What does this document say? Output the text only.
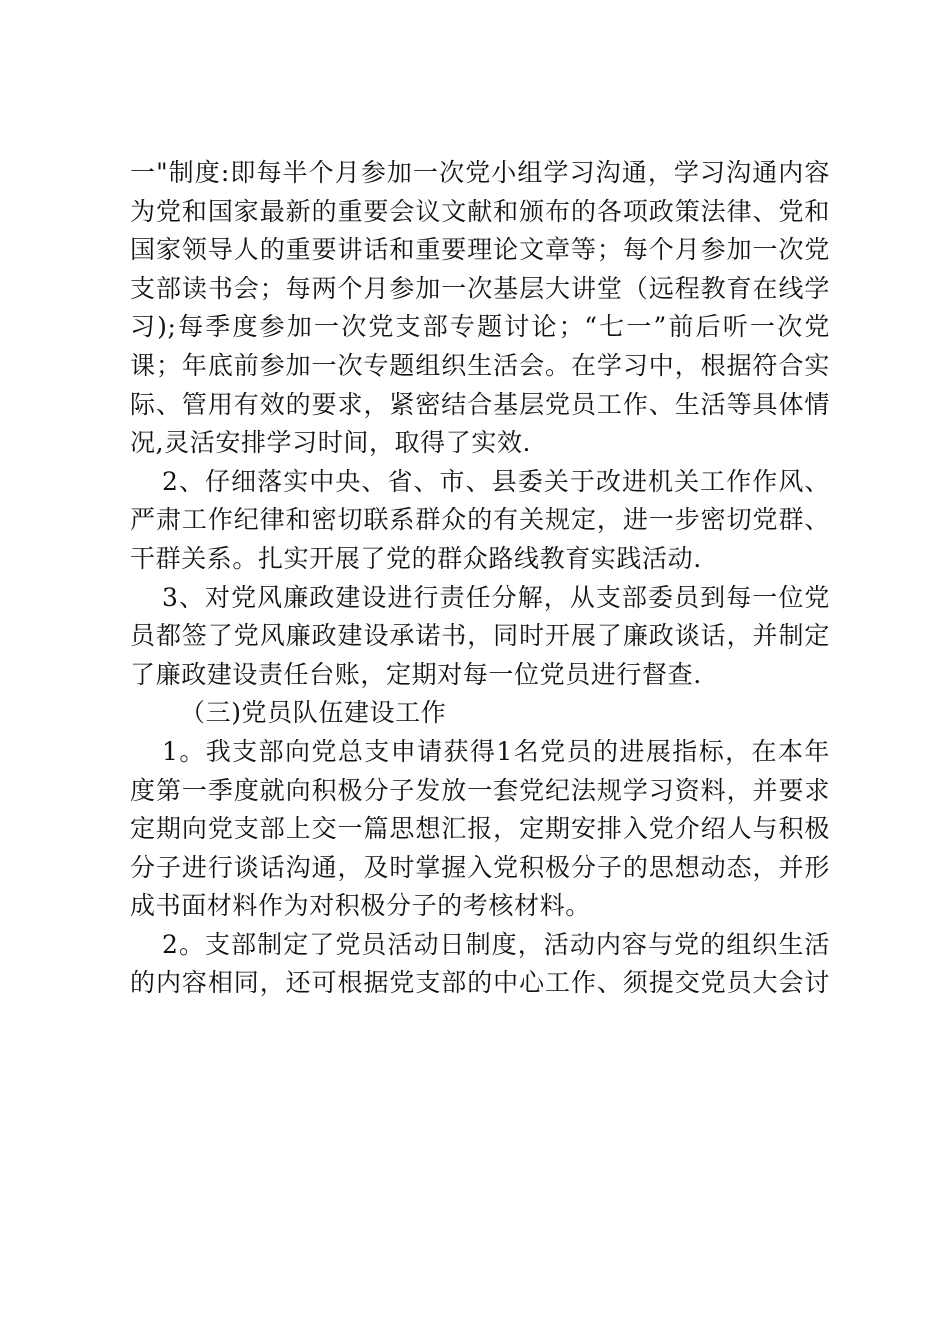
一"制度:即每半个月参加一次党小组学习沟通，学习沟通内容
为党和国家最新的重要会议文献和颁布的各项政策法律、党和
国家领导人的重要讲话和重要理论文章等；每个月参加一次党
支部读书会；每两个月参加一次基层大讲堂（远程教育在线学
习);每季度参加一次党支部专题讨论；“七一”前后听一次党
课；年底前参加一次专题组织生活会。在学习中，根据符合实
际、管用有效的要求，紧密结合基层党员工作、生活等具体情
况,灵活安排学习时间，取得了实效.
2、仔细落实中央、省、市、县委关于改进机关工作作风、
严肃工作纪律和密切联系群众的有关规定，进一步密切党群、
干群关系。扎实开展了党的群众路线教育实践活动.
3、对党风廉政建设进行责任分解，从支部委员到每一位党
员都签了党风廉政建设承诺书，同时开展了廉政谈话，并制定
了廉政建设责任台账，定期对每一位党员进行督查.
（三)党员队伍建设工作
1。我支部向党总支申请获得1名党员的进展指标，在本年
度第一季度就向积极分子发放一套党纪法规学习资料，并要求
定期向党支部上交一篇思想汇报，定期安排入党介绍人与积极
分子进行谈话沟通，及时掌握入党积极分子的思想动态，并形
成书面材料作为对积极分子的考核材料。
2。支部制定了党员活动日制度，活动内容与党的组织生活
的内容相同，还可根据党支部的中心工作、须提交党员大会讨
